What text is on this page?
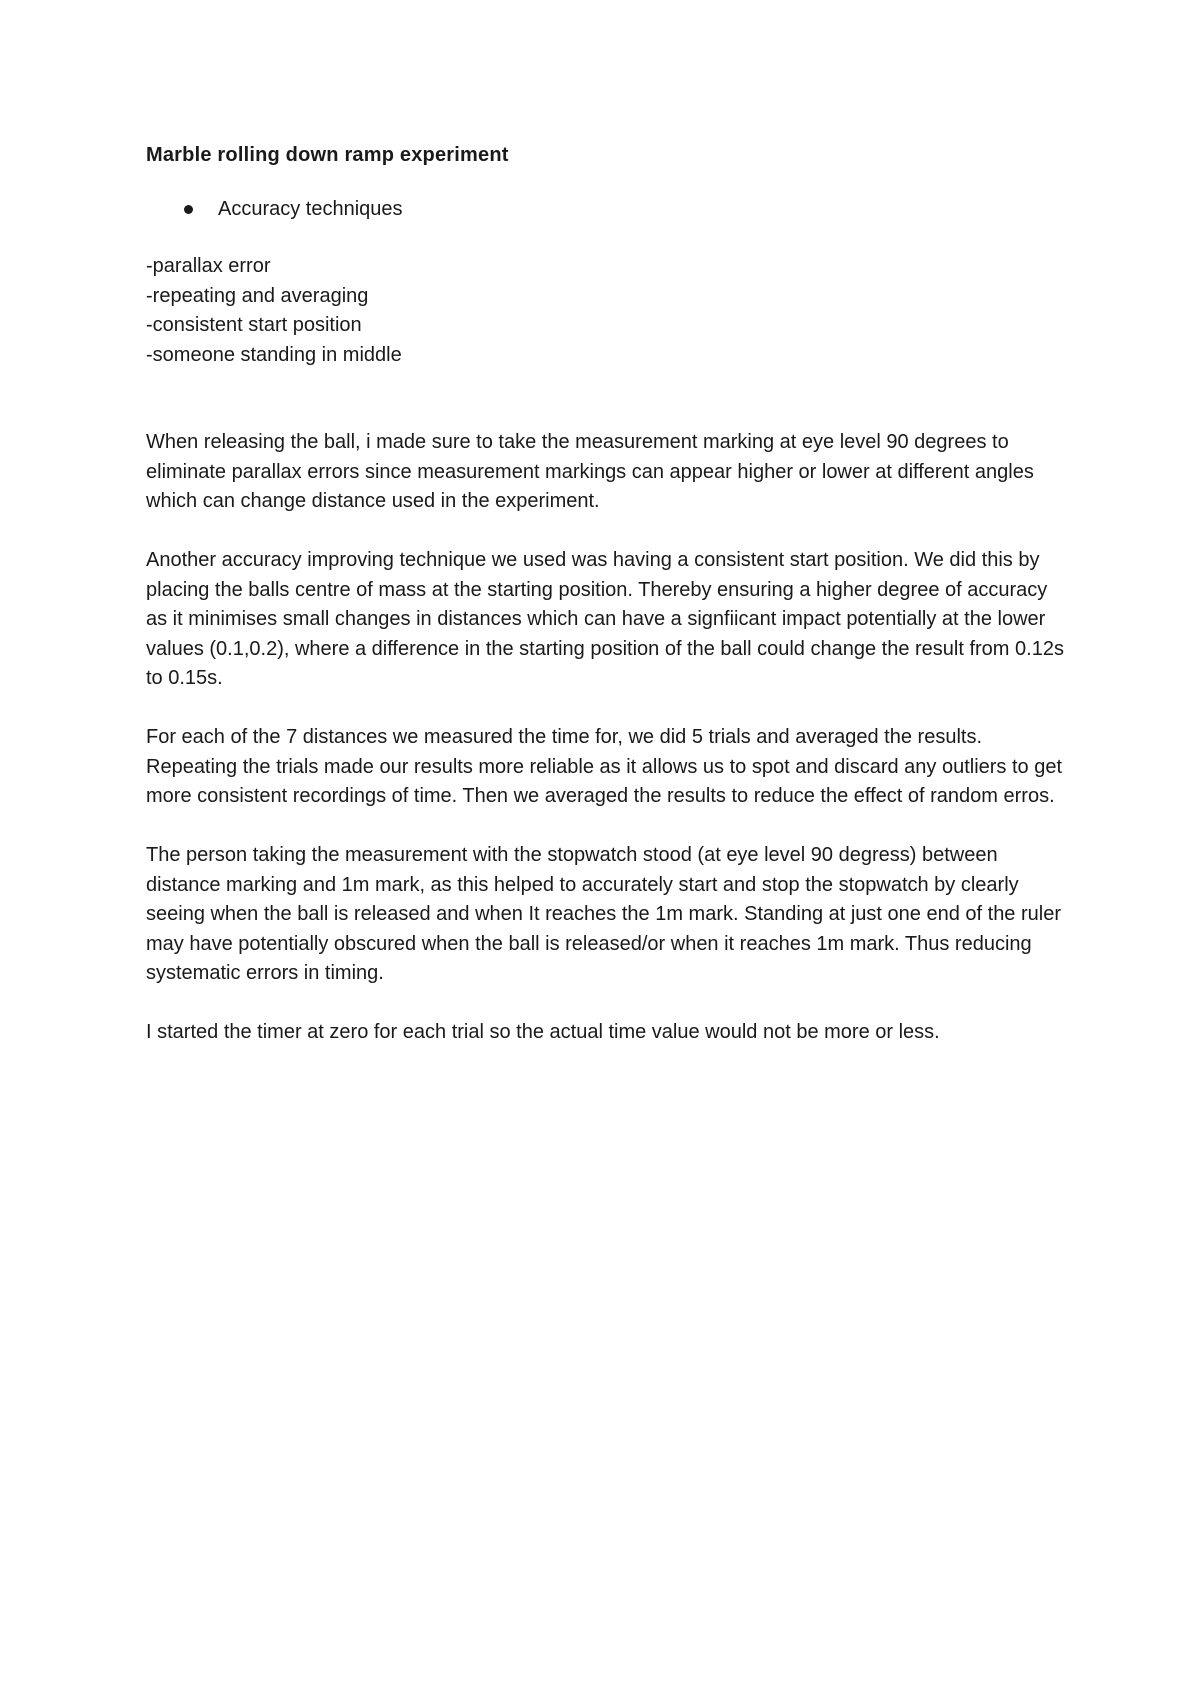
Marble rolling down ramp experiment
Accuracy techniques
-parallax error
-repeating and averaging
-consistent start position
-someone standing in middle

When releasing the ball, i made sure to take the measurement marking at eye level 90 degrees to eliminate parallax errors since measurement markings can appear higher or lower at different angles which can change distance used in the experiment.

Another accuracy improving technique we used was having a consistent start position. We did this by placing the balls centre of mass at the starting position. Thereby ensuring a higher degree of accuracy as it minimises small changes in distances which can have a signfiicant impact potentially at the lower values (0.1,0.2), where a difference in the starting position of the ball could change the result from 0.12s to 0.15s.

For each of the 7 distances we measured the time for, we did 5 trials and averaged the results. Repeating the trials made our results more reliable as it allows us to spot and discard any outliers to get more consistent recordings of time. Then we averaged the results to reduce the effect of random erros.

The person taking the measurement with the stopwatch stood (at eye level 90 degress) between distance marking and 1m mark, as this helped to accurately start and stop the stopwatch by clearly seeing when the ball is released and when It reaches the 1m mark. Standing at just one end of the ruler may have potentially obscured when the ball is released/or when it reaches 1m mark. Thus reducing systematic errors in timing.

I started the timer at zero for each trial so the actual time value would not be more or less.
